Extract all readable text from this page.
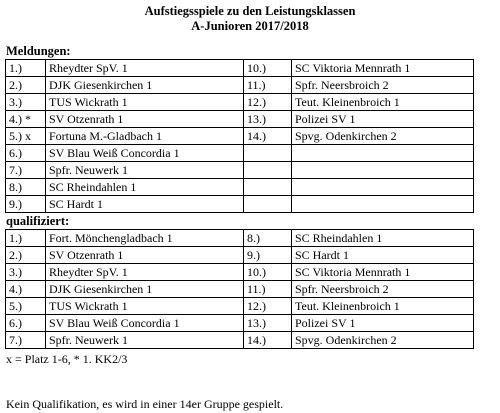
Aufstiegsspiele zu den Leistungsklassen
A-Junioren 2017/2018
Meldungen:
1.)	Rheydter SpV. 1	10.)	SC Viktoria Mennrath 1
2.)	DJK Giesenkirchen 1	11.)	Spfr. Neersbroich 2
3.)	TUS Wickrath 1	12.)	Teut. Kleinenbroich 1
4.) *	SV Otzenrath 1	13.)	Polizei SV 1
5.) x	Fortuna M.-Gladbach 1	14.)	Spvg. Odenkirchen 2
6.)	SV Blau Weiß Concordia 1		
7.)	Spfr. Neuwerk 1		
8.)	SC Rheindahlen 1		
9.)	SC Hardt 1		
qualifiziert:
1.)	Fort. Mönchengladbach 1	8.)	SC Rheindahlen 1
2.)	SV Otzenrath 1	9.)	SC Hardt 1
3.)	Rheydter SpV. 1	10.)	SC Viktoria Mennrath 1
4.)	DJK Giesenkirchen 1	11.)	Spfr. Neersbroich 2
5.)	TUS Wickrath 1	12.)	Teut. Kleinenbroich 1
6.)	SV Blau Weiß Concordia 1	13.)	Polizei SV 1
7.)	Spfr. Neuwerk 1	14.)	Spvg. Odenkirchen 2
x = Platz 1-6, * 1. KK2/3
Kein Qualifikation, es wird in einer 14er Gruppe gespielt.
